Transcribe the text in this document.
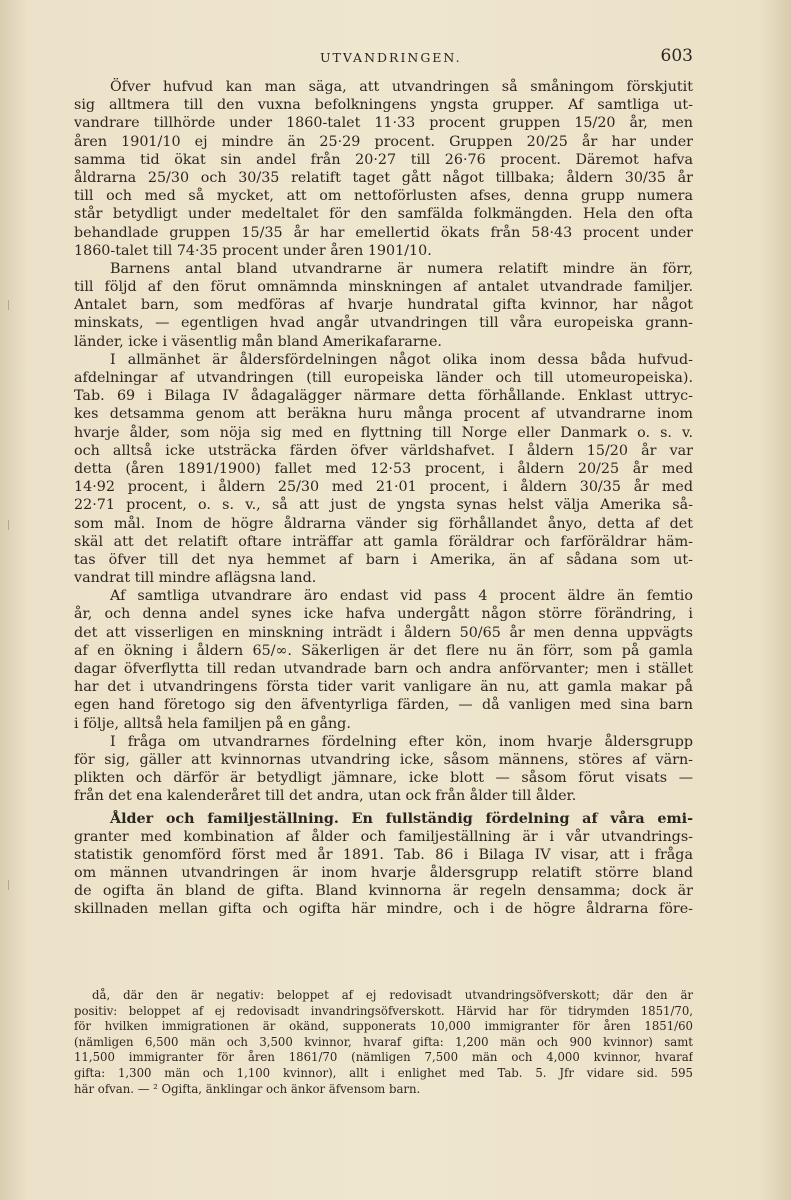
UTVANDRINGEN.	603
Öfver hufvud kan man säga, att utvandringen så småningom förskjutit
sig alltmera till den vuxna befolkningens yngsta grupper. Af samtliga ut-
vandrare tillhörde under 1860-talet 11·33 procent gruppen 15/20 år, men
åren 1901/10 ej mindre än 25·29 procent. Gruppen 20/25 år har under
samma tid ökat sin andel från 20·27 till 26·76 procent. Däremot hafva
åldrarna 25/30 och 30/35 relatift taget gått något tillbaka; åldern 30/35 år
till och med så mycket, att om nettoförlusten afses, denna grupp numera
står betydligt under medeltalet för den samfälda folkmängden. Hela den ofta
behandlade gruppen 15/35 år har emellertid ökats från 58·43 procent under
1860-talet till 74·35 procent under åren 1901/10.
Barnens antal bland utvandrarne är numera relatift mindre än förr,
till följd af den förut omnämnda minskningen af antalet utvandrade familjer.
Antalet barn, som medföras af hvarje hundratal gifta kvinnor, har något
minskats, — egentligen hvad angår utvandringen till våra europeiska grann-
länder, icke i väsentlig mån bland Amerikafararne.
I allmänhet är åldersfördelningen något olika inom dessa båda hufvud-
afdelningar af utvandringen (till europeiska länder och till utomeuropeiska).
Tab. 69 i Bilaga IV ådagalägger närmare detta förhållande. Enklast uttryc-
kes detsamma genom att beräkna huru många procent af utvandrarne inom
hvarje ålder, som nöja sig med en flyttning till Norge eller Danmark o. s. v.
och alltså icke utsträcka färden öfver världshafvet. I åldern 15/20 år var
detta (åren 1891/1900) fallet med 12·53 procent, i åldern 20/25 år med
14·92 procent, i åldern 25/30 med 21·01 procent, i åldern 30/35 år med
22·71 procent, o. s. v., så att just de yngsta synas helst välja Amerika så-
som mål. Inom de högre åldrarna vänder sig förhållandet ånyo, detta af det
skäl att det relatift oftare inträffar att gamla föräldrar och farföräldrar häm-
tas öfver till det nya hemmet af barn i Amerika, än af sådana som ut-
vandrat till mindre aflägsna land.
Af samtliga utvandrare äro endast vid pass 4 procent äldre än femtio
år, och denna andel synes icke hafva undergått någon större förändring, i
det att visserligen en minskning inträdt i åldern 50/65 år men denna uppvägts
af en ökning i åldern 65/∞. Säkerligen är det flere nu än förr, som på gamla
dagar öfverflytta till redan utvandrade barn och andra anförvanter; men i stället
har det i utvandringens första tider varit vanligare än nu, att gamla makar på
egen hand företogo sig den äfventyrliga färden, — då vanligen med sina barn
i följe, alltså hela familjen på en gång.
I fråga om utvandrarnes fördelning efter kön, inom hvarje åldersgrupp
för sig, gäller att kvinnornas utvandring icke, såsom männens, störes af värn-
plikten och därför är betydligt jämnare, icke blott — såsom förut visats —
från det ena kalenderåret till det andra, utan ock från ålder till ålder.
Ålder och familjeställning. En fullständig fördelning af våra emi-
granter med kombination af ålder och familjeställning är i vår utvandrings-
statistik genomförd först med år 1891. Tab. 86 i Bilaga IV visar, att i fråga
om männen utvandringen är inom hvarje åldersgrupp relatift större bland
de ogifta än bland de gifta. Bland kvinnorna är regeln densamma; dock är
skillnaden mellan gifta och ogifta här mindre, och i de högre åldrarna före-
då, där den är negativ: beloppet af ej redovisadt utvandringsöfverskott; där den är
positiv: beloppet af ej redovisadt invandringsöfverskott. Härvid har för tidrymden 1851/70,
för hvilken immigrationen är okänd, supponerats 10,000 immigranter för åren 1851/60
(nämligen 6,500 män och 3,500 kvinnor, hvaraf gifta: 1,200 män och 900 kvinnor) samt
11,500 immigranter för åren 1861/70 (nämligen 7,500 män och 4,000 kvinnor, hvaraf
gifta: 1,300 män och 1,100 kvinnor), allt i enlighet med Tab. 5. Jfr vidare sid. 595
här ofvan. — ² Ogifta, änklingar och änkor äfvensom barn.
